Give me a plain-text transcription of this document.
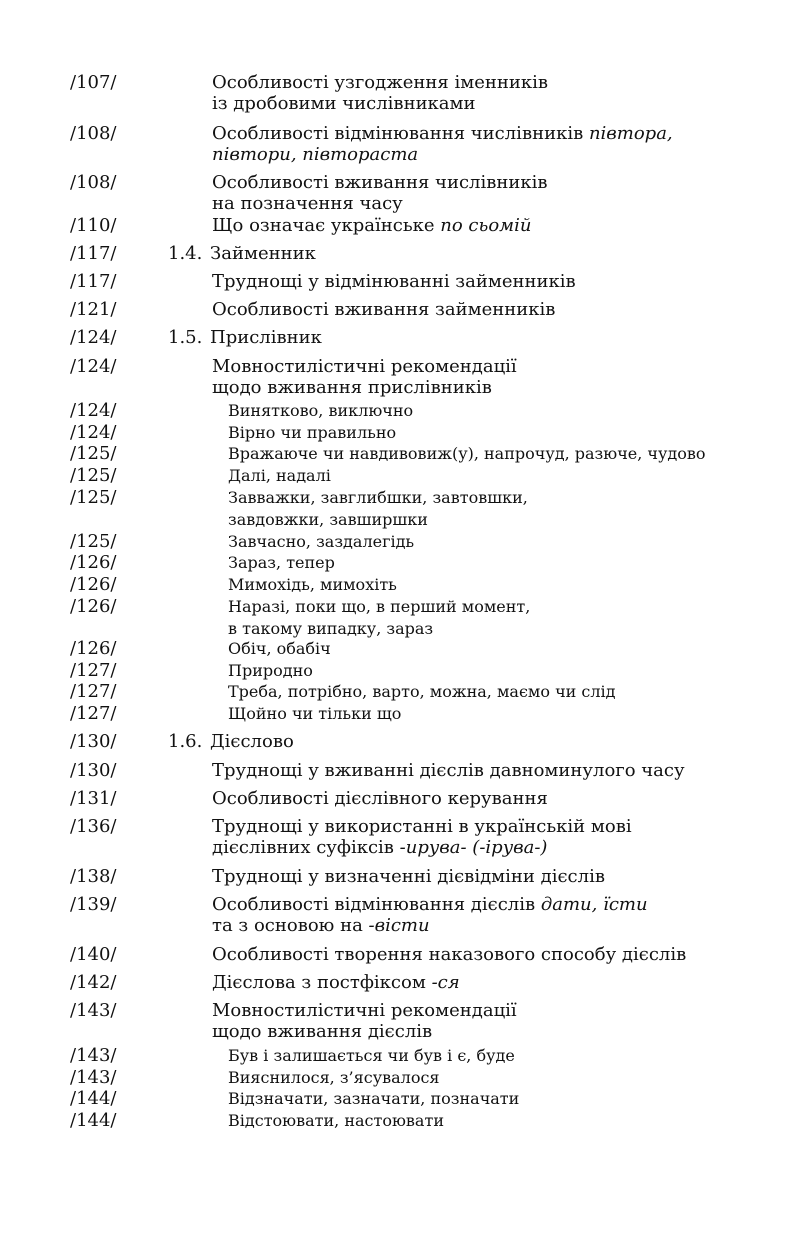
/107/	Особливості узгодження іменників
із дробовими числівниками
/108/	Особливості відмінювання числівників півтора,
півтори, півтораста
/108/	Особливості вживання числівників
на позначення часу
/110/	Що означає українське по сьомій
/117/	1.4. Займенник
/117/	Труднощі у відмінюванні займенників
/121/	Особливості вживання займенників
/124/	1.5. Прислівник
/124/	Мовностилістичні рекомендації
щодо вживання прислівників
/124/	Винятково, виключно
/124/	Вірно чи правильно
/125/	Вражаюче чи навдивовиж(у), напрочуд, разюче, чудово
/125/	Далі, надалі
/125/	Завважки, завглибшки, завтовшки,
завдовжки, завширшки
/125/	Завчасно, заздалегідь
/126/	Зараз, тепер
/126/	Мимохідь, мимохіть
/126/	Наразі, поки що, в перший момент,
в такому випадку, зараз
/126/	Обіч, обабіч
/127/	Природно
/127/	Треба, потрібно, варто, можна, маємо чи слід
/127/	Щойно чи тільки що
/130/	1.6. Дієслово
/130/	Труднощі у вживанні дієслів давноминулого часу
/131/	Особливості дієслівного керування
/136/	Труднощі у використанні в українській мові
дієслівних суфіксів -ирува- (-ірува-)
/138/	Труднощі у визначенні дієвідміни дієслів
/139/	Особливості відмінювання дієслів дати, їсти
та з основою на -вісти
/140/	Особливості творення наказового способу дієслів
/142/	Дієслова з постфіксом -ся
/143/	Мовностилістичні рекомендації
щодо вживання дієслів
/143/	Був і залишається чи був і є, буде
/143/	Вияснилося, з’ясувалося
/144/	Відзначати, зазначати, позначати
/144/	Відстоювати, настоювати
